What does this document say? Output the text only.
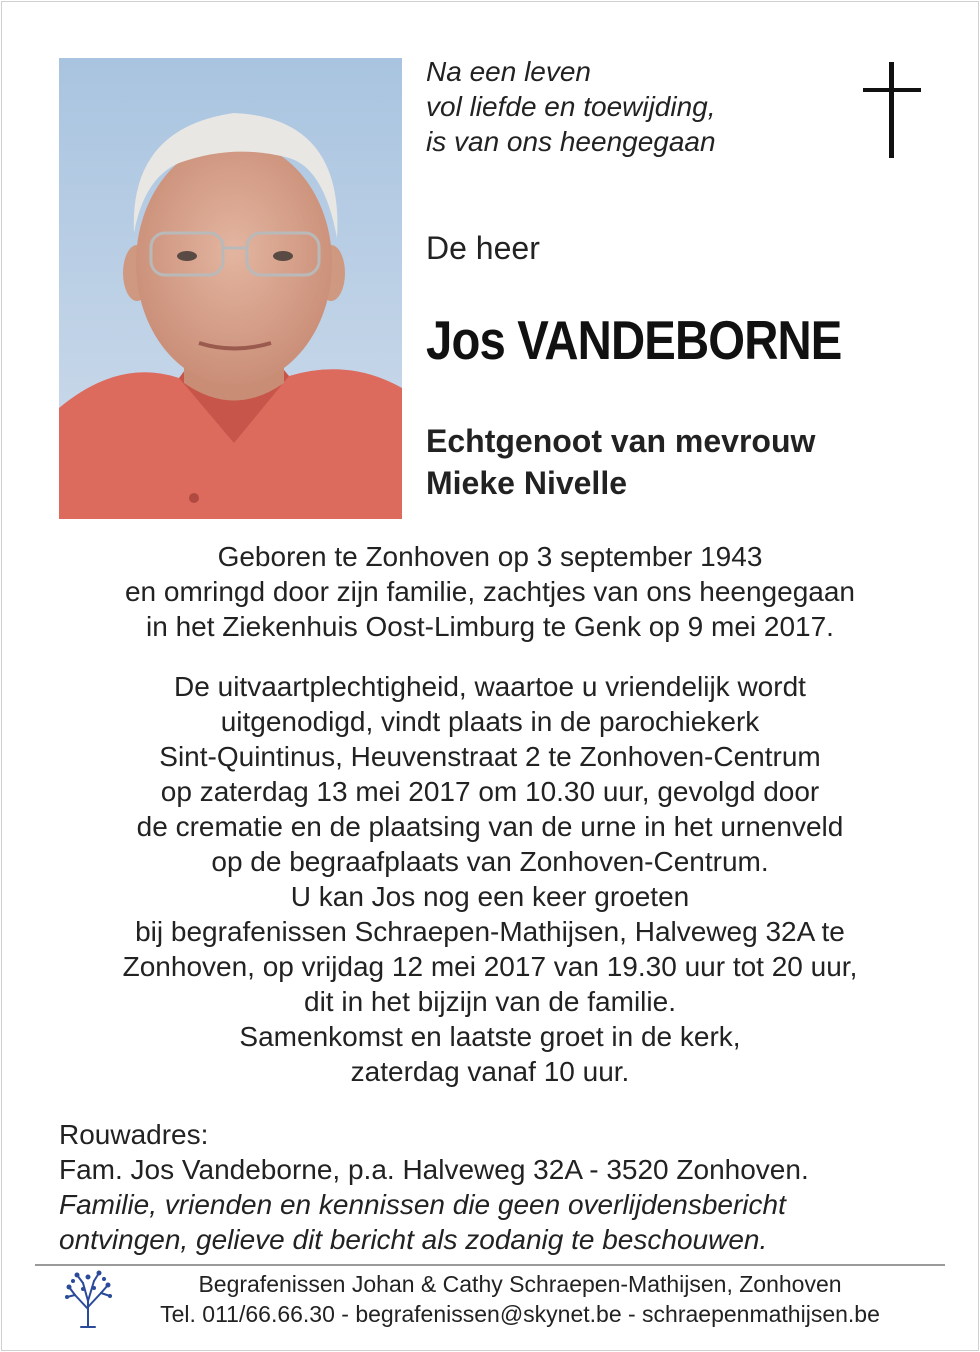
Na een leven
vol liefde en toewijding,
is van ons heengegaan
De heer
Jos VANDEBORNE
Echtgenoot van mevrouw
Mieke Nivelle
Geboren te Zonhoven op 3 september 1943
en omringd door zijn familie, zachtjes van ons heengegaan
in het Ziekenhuis Oost-Limburg te Genk op 9 mei 2017.
De uitvaartplechtigheid, waartoe u vriendelijk wordt
uitgenodigd, vindt plaats in de parochiekerk
Sint-Quintinus, Heuvenstraat 2 te Zonhoven-Centrum
op zaterdag 13 mei 2017 om 10.30 uur, gevolgd door
de crematie en de plaatsing van de urne in het urnenveld
op de begraafplaats van Zonhoven-Centrum.
U kan Jos nog een keer groeten
bij begrafenissen Schraepen-Mathijsen, Halveweg 32A te
Zonhoven, op vrijdag 12 mei 2017 van 19.30 uur tot 20 uur,
dit in het bijzijn van de familie.
Samenkomst en laatste groet in de kerk,
zaterdag vanaf 10 uur.
Rouwadres:
Fam. Jos Vandeborne, p.a. Halveweg 32A - 3520 Zonhoven.
Familie, vrienden en kennissen die geen overlijdensbericht
ontvingen, gelieve dit bericht als zodanig te beschouwen.
Begrafenissen Johan & Cathy Schraepen-Mathijsen, Zonhoven
Tel. 011/66.66.30 - begrafenissen@skynet.be - schraepenmathijsen.be
